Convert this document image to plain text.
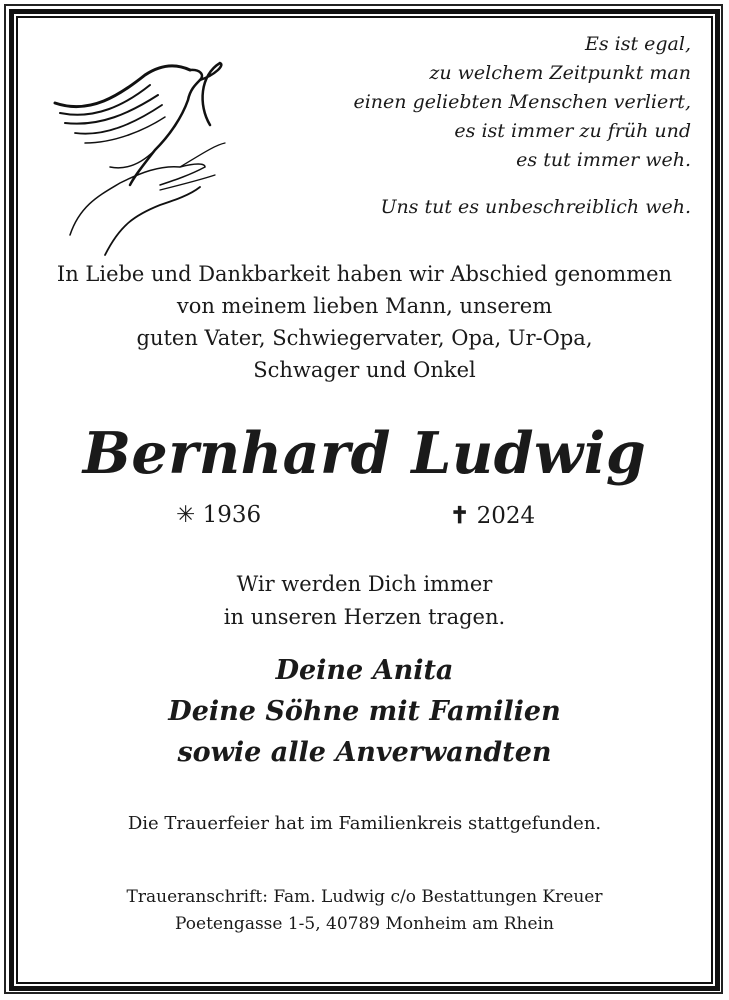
Es ist egal,
zu welchem Zeitpunkt man
einen geliebten Menschen verliert,
es ist immer zu früh und
es tut immer weh.
Uns tut es unbeschreiblich weh.
In Liebe und Dankbarkeit haben wir Abschied genommen
von meinem lieben Mann, unserem
guten Vater, Schwiegervater, Opa, Ur-Opa,
Schwager und Onkel
Bernhard Ludwig
✳ 1936	✝ 2024
Wir werden Dich immer
in unseren Herzen tragen.
Deine Anita
Deine Söhne mit Familien
sowie alle Anverwandten
Die Trauerfeier hat im Familienkreis stattgefunden.
Traueranschrift: Fam. Ludwig c/o Bestattungen Kreuer
Poetengasse 1-5, 40789 Monheim am Rhein
